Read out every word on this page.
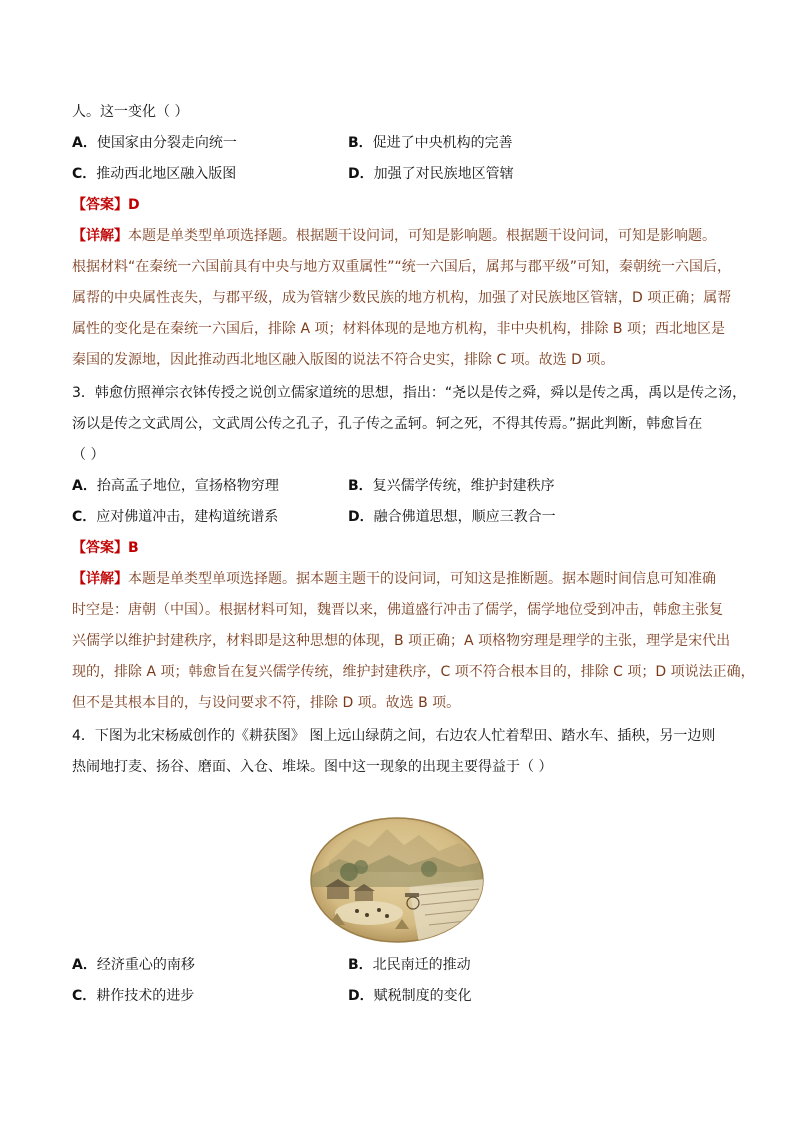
人。这一变化（ ）
A．使国家由分裂走向统一	B．促进了中央机构的完善
C．推动西北地区融入版图	D．加强了对民族地区管辖
【答案】D
【详解】本题是单类型单项选择题。根据题干设问词，可知是影响题。根据题干设问词，可知是影响题。
根据材料“在秦统一六国前具有中央与地方双重属性”“统一六国后，属邦与郡平级”可知，秦朝统一六国后，
属帮的中央属性丧失，与郡平级，成为管辖少数民族的地方机构，加强了对民族地区管辖，D 项正确；属帮
属性的变化是在秦统一六国后，排除 A 项；材料体现的是地方机构，非中央机构，排除 B 项；西北地区是
秦国的发源地，因此推动西北地区融入版图的说法不符合史实，排除 C 项。故选 D 项。
3．韩愈仿照禅宗衣钵传授之说创立儒家道统的思想，指出：“尧以是传之舜，舜以是传之禹，禹以是传之汤，
汤以是传之文武周公，文武周公传之孔子，孔子传之孟轲。轲之死，不得其传焉。”据此判断，韩愈旨在
（ ）
A．抬高孟子地位，宣扬格物穷理	B．复兴儒学传统，维护封建秩序
C．应对佛道冲击，建构道统谱系	D．融合佛道思想，顺应三教合一
【答案】B
【详解】本题是单类型单项选择题。据本题主题干的设问词，可知这是推断题。据本题时间信息可知准确
时空是：唐朝（中国）。根据材料可知，魏晋以来，佛道盛行冲击了儒学，儒学地位受到冲击，韩愈主张复
兴儒学以维护封建秩序，材料即是这种思想的体现，B 项正确；A 项格物穷理是理学的主张，理学是宋代出
现的，排除 A 项；韩愈旨在复兴儒学传统，维护封建秩序，C 项不符合根本目的，排除 C 项；D 项说法正确，
但不是其根本目的，与设问要求不符，排除 D 项。故选 B 项。
4．下图为北宋杨威创作的《耕获图》 图上远山绿荫之间，右边农人忙着犁田、踏水车、插秧，另一边则
热闹地打麦、扬谷、磨面、入仓、堆垛。图中这一现象的出现主要得益于（ ）
A．经济重心的南移	B．北民南迁的推动
C．耕作技术的进步	D．赋税制度的变化
